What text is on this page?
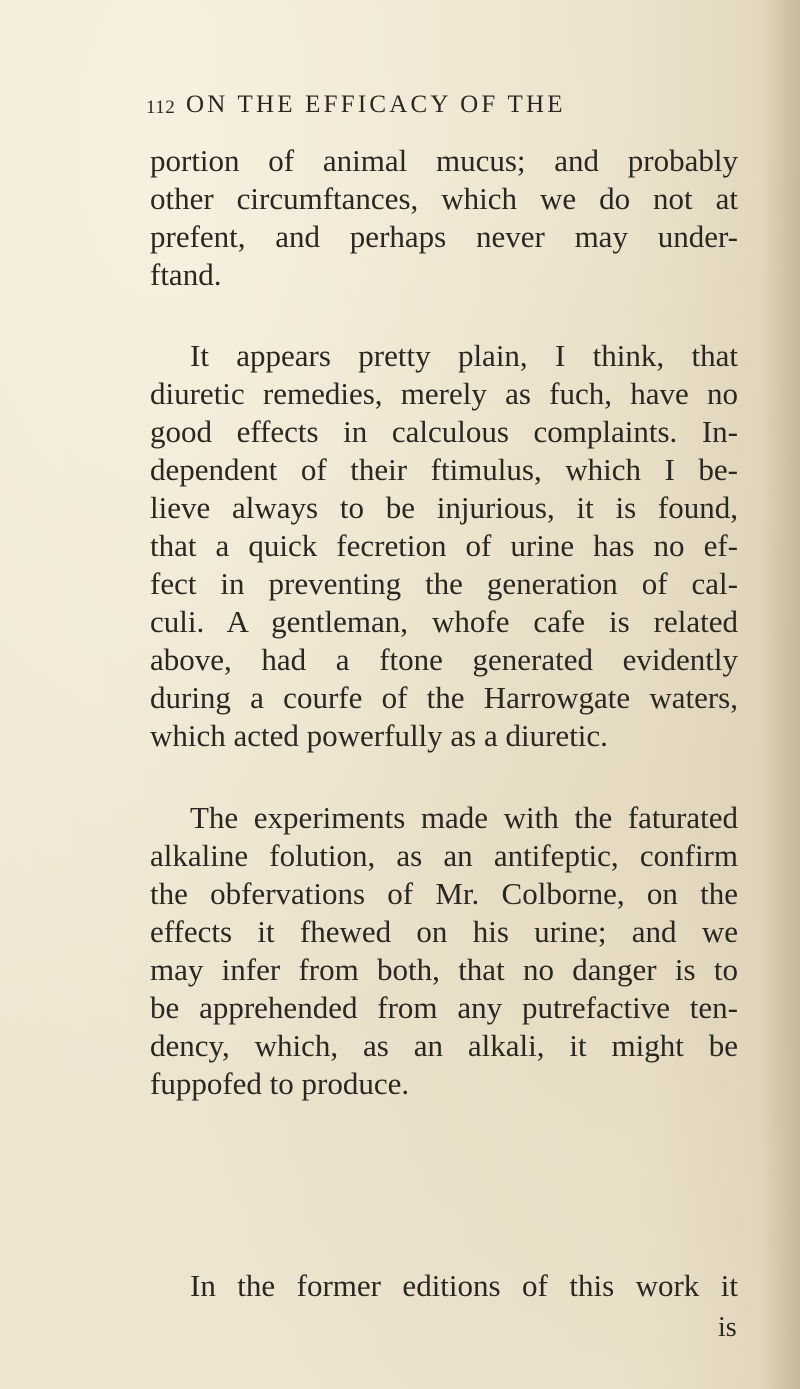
112 ON THE EFFICACY OF THE
portion of animal mucus; and probably
other circumftances, which we do not at
prefent, and perhaps never may under-
ftand.
It appears pretty plain, I think, that
diuretic remedies, merely as fuch, have no
good effects in calculous complaints. In-
dependent of their ftimulus, which I be-
lieve always to be injurious, it is found,
that a quick fecretion of urine has no ef-
fect in preventing the generation of cal-
culi. A gentleman, whofe cafe is related
above, had a ftone generated evidently
during a courfe of the Harrowgate waters,
which acted powerfully as a diuretic.
The experiments made with the faturated
alkaline folution, as an antifeptic, confirm
the obfervations of Mr. Colborne, on the
effects it fhewed on his urine; and we
may infer from both, that no danger is to
be apprehended from any putrefactive ten-
dency, which, as an alkali, it might be
fuppofed to produce.
In the former editions of this work it
is
